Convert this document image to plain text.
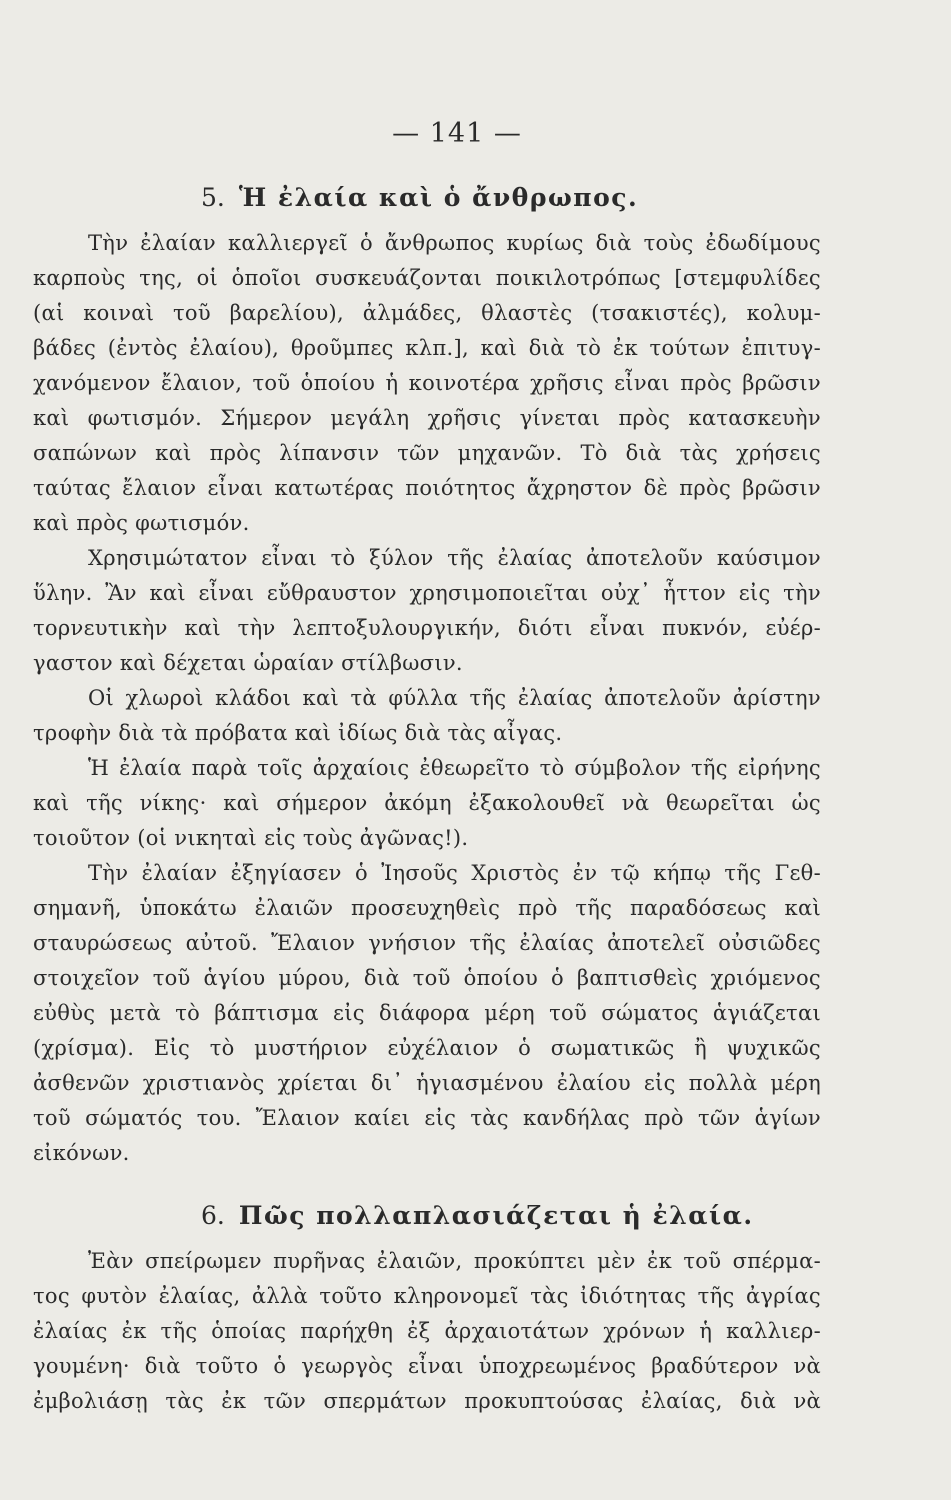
— 141 —
5. Ἡ ἐλαία καὶ ὁ ἄνθρωπος.
Τὴν ἐλαίαν καλλιεργεῖ ὁ ἄνθρωπος κυρίως διὰ τοὺς ἐδωδίμους
καρποὺς της, οἱ ὁποῖοι συσκευάζονται ποικιλοτρόπως [στεμφυλίδες
(αἱ κοιναὶ τοῦ βαρελίου), ἀλμάδες, θλαστὲς (τσακιστές), κολυμ-
βάδες (ἐντὸς ἐλαίου), θροῦμπες κλπ.], καὶ διὰ τὸ ἐκ τούτων ἐπιτυγ-
χανόμενον ἔλαιον, τοῦ ὁποίου ἡ κοινοτέρα χρῆσις εἶναι πρὸς βρῶσιν
καὶ φωτισμόν. Σήμερον μεγάλη χρῆσις γίνεται πρὸς κατασκευὴν
σαπώνων καὶ πρὸς λίπανσιν τῶν μηχανῶν. Τὸ διὰ τὰς χρήσεις
ταύτας ἔλαιον εἶναι κατωτέρας ποιότητος ἄχρηστον δὲ πρὸς βρῶσιν
καὶ πρὸς φωτισμόν.
Χρησιμώτατον εἶναι τὸ ξύλον τῆς ἐλαίας ἀποτελοῦν καύσιμον
ὕλην. Ἂν καὶ εἶναι εὔθραυστον χρησιμοποιεῖται οὐχ᾽ ἧττον εἰς τὴν
τορνευτικὴν καὶ τὴν λεπτοξυλουργικήν, διότι εἶναι πυκνόν, εὐέρ-
γαστον καὶ δέχεται ὡραίαν στίλβωσιν.
Οἱ χλωροὶ κλάδοι καὶ τὰ φύλλα τῆς ἐλαίας ἀποτελοῦν ἀρίστην
τροφὴν διὰ τὰ πρόβατα καὶ ἰδίως διὰ τὰς αἶγας.
Ἡ ἐλαία παρὰ τοῖς ἀρχαίοις ἐθεωρεῖτο τὸ σύμβολον τῆς εἰρήνης
καὶ τῆς νίκης· καὶ σήμερον ἀκόμη ἐξακολουθεῖ νὰ θεωρεῖται ὡς
τοιοῦτον (οἱ νικηταὶ εἰς τοὺς ἀγῶνας!).
Τὴν ἐλαίαν ἐξηγίασεν ὁ Ἰησοῦς Χριστὸς ἐν τῷ κήπῳ τῆς Γεθ-
σημανῆ, ὑποκάτω ἐλαιῶν προσευχηθεὶς πρὸ τῆς παραδόσεως καὶ
σταυρώσεως αὐτοῦ. Ἔλαιον γνήσιον τῆς ἐλαίας ἀποτελεῖ οὐσιῶδες
στοιχεῖον τοῦ ἁγίου μύρου, διὰ τοῦ ὁποίου ὁ βαπτισθεὶς χριόμενος
εὐθὺς μετὰ τὸ βάπτισμα εἰς διάφορα μέρη τοῦ σώματος ἁγιάζεται
(χρίσμα). Εἰς τὸ μυστήριον εὐχέλαιον ὁ σωματικῶς ἢ ψυχικῶς
ἀσθενῶν χριστιανὸς χρίεται δι᾽ ἡγιασμένου ἐλαίου εἰς πολλὰ μέρη
τοῦ σώματός του. Ἔλαιον καίει εἰς τὰς κανδήλας πρὸ τῶν ἁγίων
εἰκόνων.
6. Πῶς πολλαπλασιάζεται ἡ ἐλαία.
Ἐὰν σπείρωμεν πυρῆνας ἐλαιῶν, προκύπτει μὲν ἐκ τοῦ σπέρμα-
τος φυτὸν ἐλαίας, ἀλλὰ τοῦτο κληρονομεῖ τὰς ἰδιότητας τῆς ἀγρίας
ἐλαίας ἐκ τῆς ὁποίας παρήχθη ἐξ ἀρχαιοτάτων χρόνων ἡ καλλιερ-
γουμένη· διὰ τοῦτο ὁ γεωργὸς εἶναι ὑποχρεωμένος βραδύτερον νὰ
ἐμβολιάσῃ τὰς ἐκ τῶν σπερμάτων προκυπτούσας ἐλαίας, διὰ νὰ
